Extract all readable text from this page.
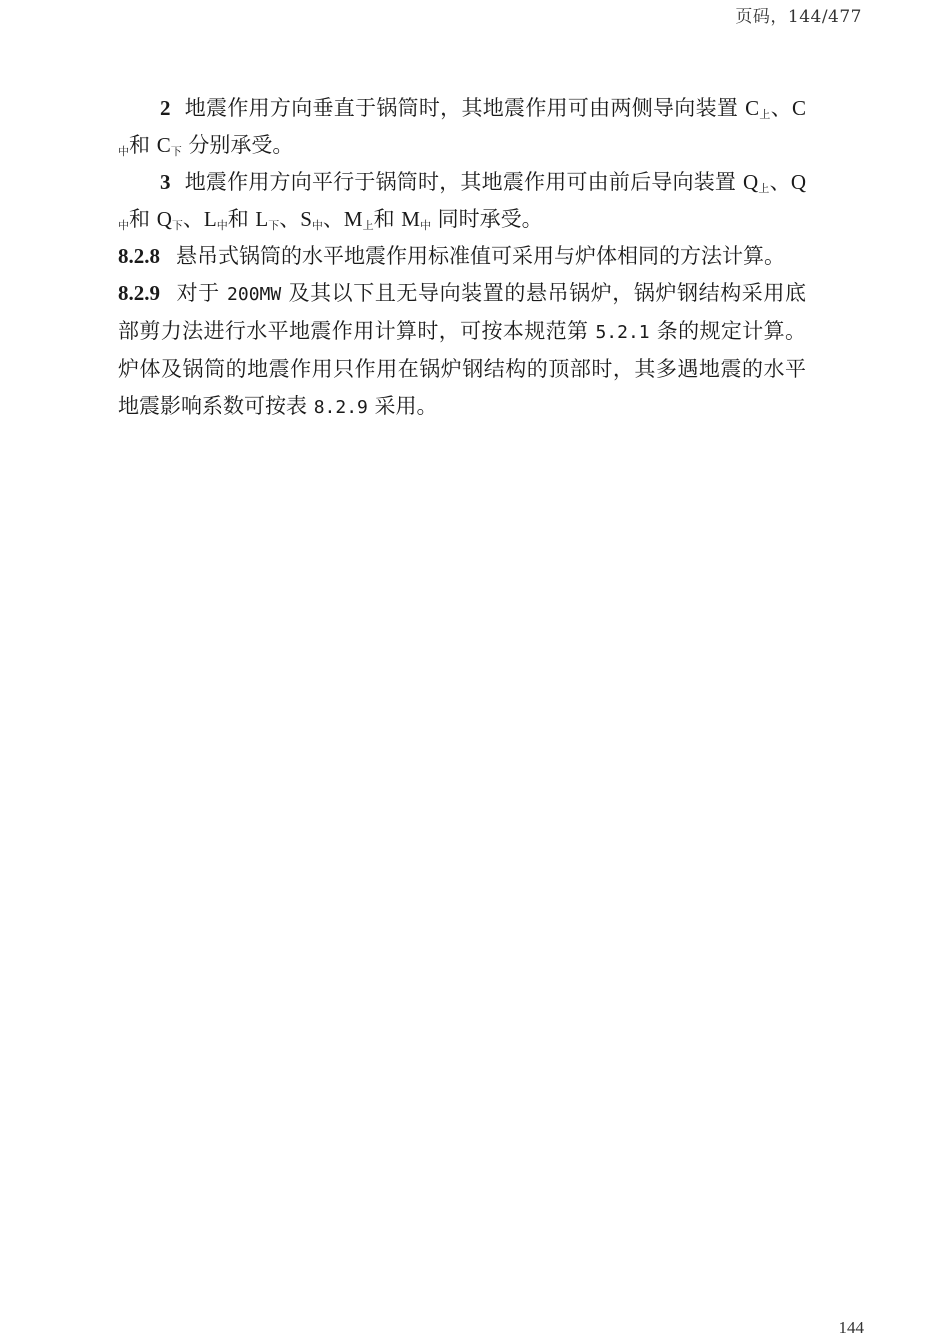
页码，144/477

2 地震作用方向垂直于锅筒时，其地震作用可由两侧导向装置 $C_上$、$C_中$和 $C_下$ 分别承受。

3 地震作用方向平行于锅筒时，其地震作用可由前后导向装置 $Q_上$、$Q_中$和 $Q_下$、$L_中$和 $L_下$、$S_中$、$M_上$和 $M_中$ 同时承受。

8.2.8 悬吊式锅筒的水平地震作用标准值可采用与炉体相同的方法计算。

8.2.9 对于 200MW 及其以下且无导向装置的悬吊锅炉，锅炉钢结构采用底部剪力法进行水平地震作用计算时，可按本规范第 5.2.1 条的规定计算。炉体及锅筒的地震作用只作用在锅炉钢结构的顶部时，其多遇地震的水平地震影响系数可按表 8.2.9 采用。

144
